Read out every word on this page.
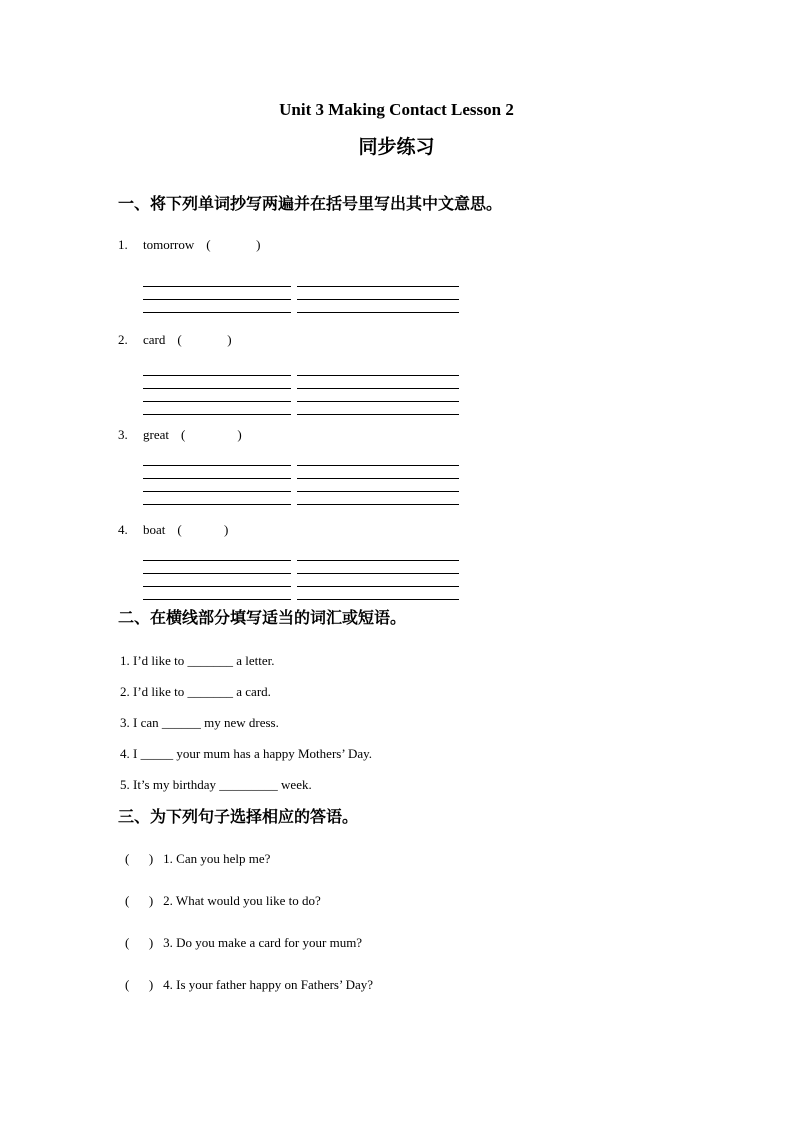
Unit 3 Making Contact Lesson 2
同步练习
一、将下列单词抄写两遍并在括号里写出其中文意思。
1. tomorrow (              )
2. card (              )
3. great (                )
4. boat (             )
二、在横线部分填写适当的词汇或短语。

1. I’d like to _______ a letter.

2. I’d like to _______ a card.

3. I can ______ my new dress.

4. I _____ your mum has a happy Mothers’ Day.

5. It’s my birthday _________ week.

三、为下列句子选择相应的答语。

(      ) 1. Can you help me?

(      ) 2. What would you like to do?

(      ) 3. Do you make a card for your mum?

(      ) 4. Is your father happy on Fathers’ Day?
